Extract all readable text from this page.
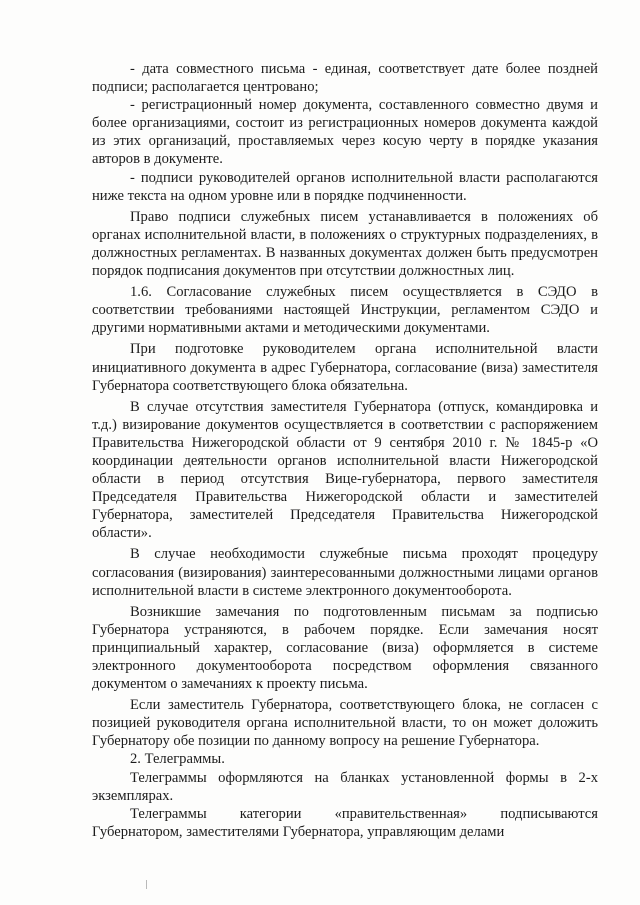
- дата совместного письма - единая, соответствует дате более поздней подписи; располагается центровано;

- регистрационный номер документа, составленного совместно двумя и более организациями, состоит из регистрационных номеров документа каждой из этих организаций, проставляемых через косую черту в порядке указания авторов в документе.

- подписи руководителей органов исполнительной власти располагаются ниже текста на одном уровне или в порядке подчиненности.

Право подписи служебных писем устанавливается в положениях об органах исполнительной власти, в положениях о структурных подразделениях, в должностных регламентах. В названных документах должен быть предусмотрен порядок подписания документов при отсутствии должностных лиц.

1.6. Согласование служебных писем осуществляется в СЭДО в соответствии требованиями настоящей Инструкции, регламентом СЭДО и другими нормативными актами и методическими документами.

При подготовке руководителем органа исполнительной власти инициативного документа в адрес Губернатора, согласование (виза) заместителя Губернатора соответствующего блока обязательна.

В случае отсутствия заместителя Губернатора (отпуск, командировка и т.д.) визирование документов осуществляется в соответствии с распоряжением Правительства Нижегородской области от 9 сентября 2010 г. № 1845-р «О координации деятельности органов исполнительной власти Нижегородской области в период отсутствия Вице-губернатора, первого заместителя Председателя Правительства Нижегородской области и заместителей Губернатора, заместителей Председателя Правительства Нижегородской области».

В случае необходимости служебные письма проходят процедуру согласования (визирования) заинтересованными должностными лицами органов исполнительной власти в системе электронного документооборота.

Возникшие замечания по подготовленным письмам за подписью Губернатора устраняются, в рабочем порядке. Если замечания носят принципиальный характер, согласование (виза) оформляется в системе электронного документооборота посредством оформления связанного документом о замечаниях к проекту письма.

Если заместитель Губернатора, соответствующего блока, не согласен с позицией руководителя органа исполнительной власти, то он может доложить Губернатору обе позиции по данному вопросу на решение Губернатора.

2. Телеграммы.

Телеграммы оформляются на бланках установленной формы в 2-х экземплярах.

Телеграммы категории «правительственная» подписываются Губернатором, заместителями Губернатора, управляющим делами
